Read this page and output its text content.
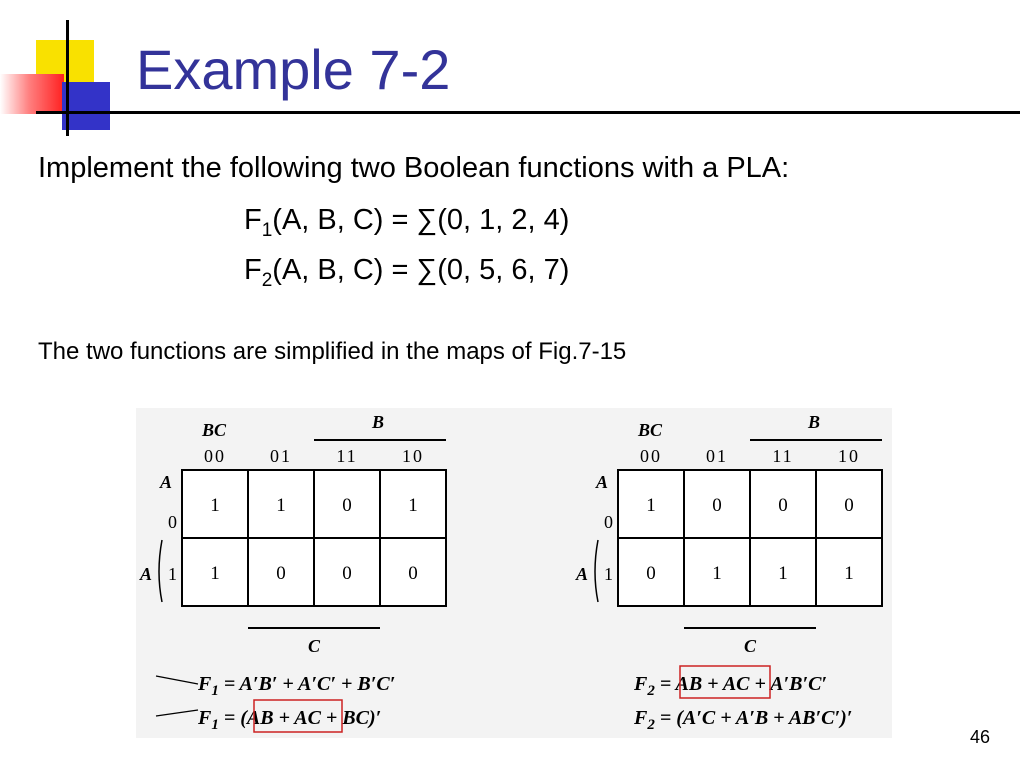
Example 7-2
Implement the following two Boolean functions with a PLA:
$F_1(A$, B, C) = ∑(0, 1, 2, 4)
$F_2(A$, B, C) = ∑(0, 5, 6, 7)
The two functions are simplified in the maps of Fig.7-15
BC	B
00 01 11 10
A
0
A 1
1	1	0	1
1	0	0	0
C
$F_1 = A'B' + A'C' + B'C'$
$F_1 = (AB$ + AC + BC)′
BC	B
00 01 11 10
A
0
A 1
1	0	0	0
0	1	1	1
C
$F_2$ = AB + AC + A′B′C′
$F_2 = (A'C + A'B + AB'C')'$
46
